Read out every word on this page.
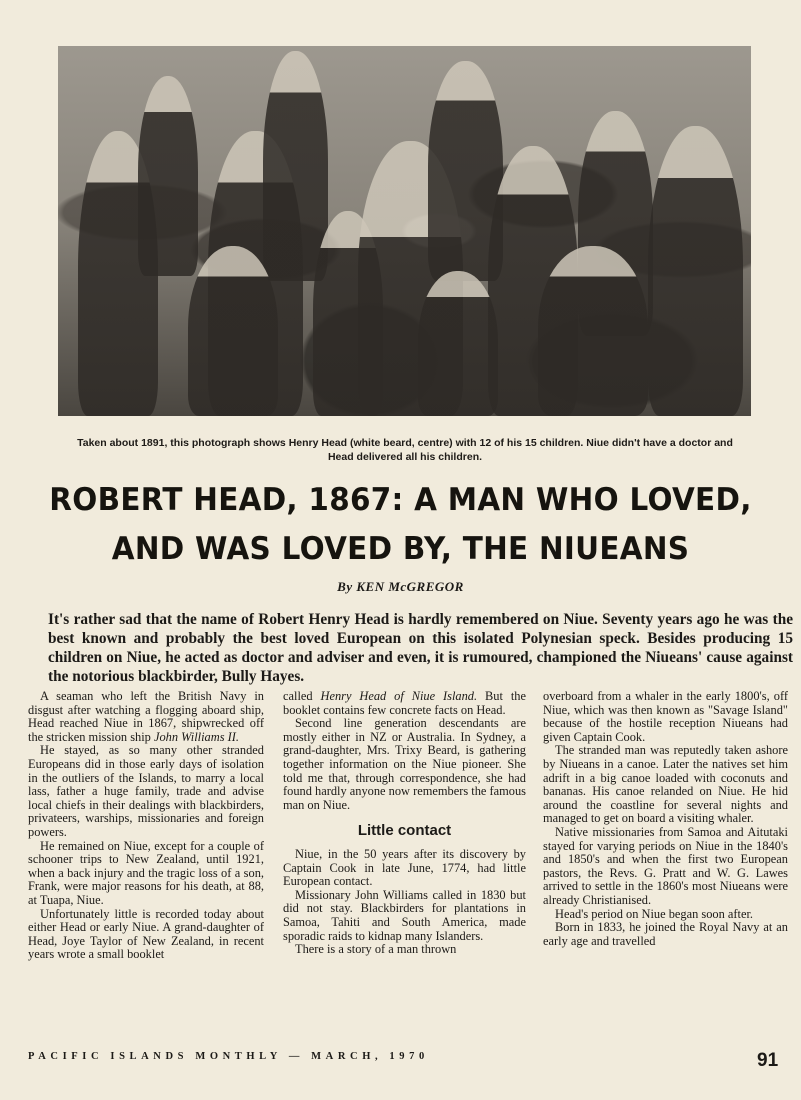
Taken about 1891, this photograph shows Henry Head (white beard, centre) with 12 of his 15 children. Niue didn't have a doctor and Head delivered all his children.
ROBERT HEAD, 1867: A MAN WHO LOVED,
AND WAS LOVED BY, THE NIUEANS
By KEN McGREGOR
It's rather sad that the name of Robert Henry Head is hardly remembered on Niue. Seventy years ago he was the best known and probably the best loved European on this isolated Polynesian speck. Besides producing 15 children on Niue, he acted as doctor and adviser and even, it is rumoured, championed the Niueans' cause against the notorious blackbirder, Bully Hayes.

A seaman who left the British Navy in disgust after watching a flogging aboard ship, Head reached Niue in 1867, shipwrecked off the stricken mission ship John Williams II.

He stayed, as so many other stranded Europeans did in those early days of isolation in the outliers of the Islands, to marry a local lass, father a huge family, trade and advise local chiefs in their dealings with blackbirders, privateers, warships, missionaries and foreign powers.

He remained on Niue, except for a couple of schooner trips to New Zealand, until 1921, when a back injury and the tragic loss of a son, Frank, were major reasons for his death, at 88, at Tuapa, Niue.

Unfortunately little is recorded today about either Head or early Niue. A grand-daughter of Head, Joye Taylor of New Zealand, in recent years wrote a small booklet

called Henry Head of Niue Island. But the booklet contains few concrete facts on Head.

Second line generation descendants are mostly either in NZ or Australia. In Sydney, a grand-daughter, Mrs. Trixy Beard, is gathering together information on the Niue pioneer. She told me that, through correspondence, she had found hardly anyone now remembers the famous man on Niue.

Little contact

Niue, in the 50 years after its discovery by Captain Cook in late June, 1774, had little European contact.

Missionary John Williams called in 1830 but did not stay. Blackbirders for plantations in Samoa, Tahiti and South America, made sporadic raids to kidnap many Islanders.

There is a story of a man thrown

overboard from a whaler in the early 1800's, off Niue, which was then known as "Savage Island" because of the hostile reception Niueans had given Captain Cook.

The stranded man was reputedly taken ashore by Niueans in a canoe. Later the natives set him adrift in a big canoe loaded with coconuts and bananas. His canoe relanded on Niue. He hid around the coastline for several nights and managed to get on board a visiting whaler.

Native missionaries from Samoa and Aitutaki stayed for varying periods on Niue in the 1840's and 1850's and when the first two European pastors, the Revs. G. Pratt and W. G. Lawes arrived to settle in the 1860's most Niueans were already Christianised.

Head's period on Niue began soon after.

Born in 1833, he joined the Royal Navy at an early age and travelled

PACIFIC ISLANDS MONTHLY — MARCH, 1970	91
